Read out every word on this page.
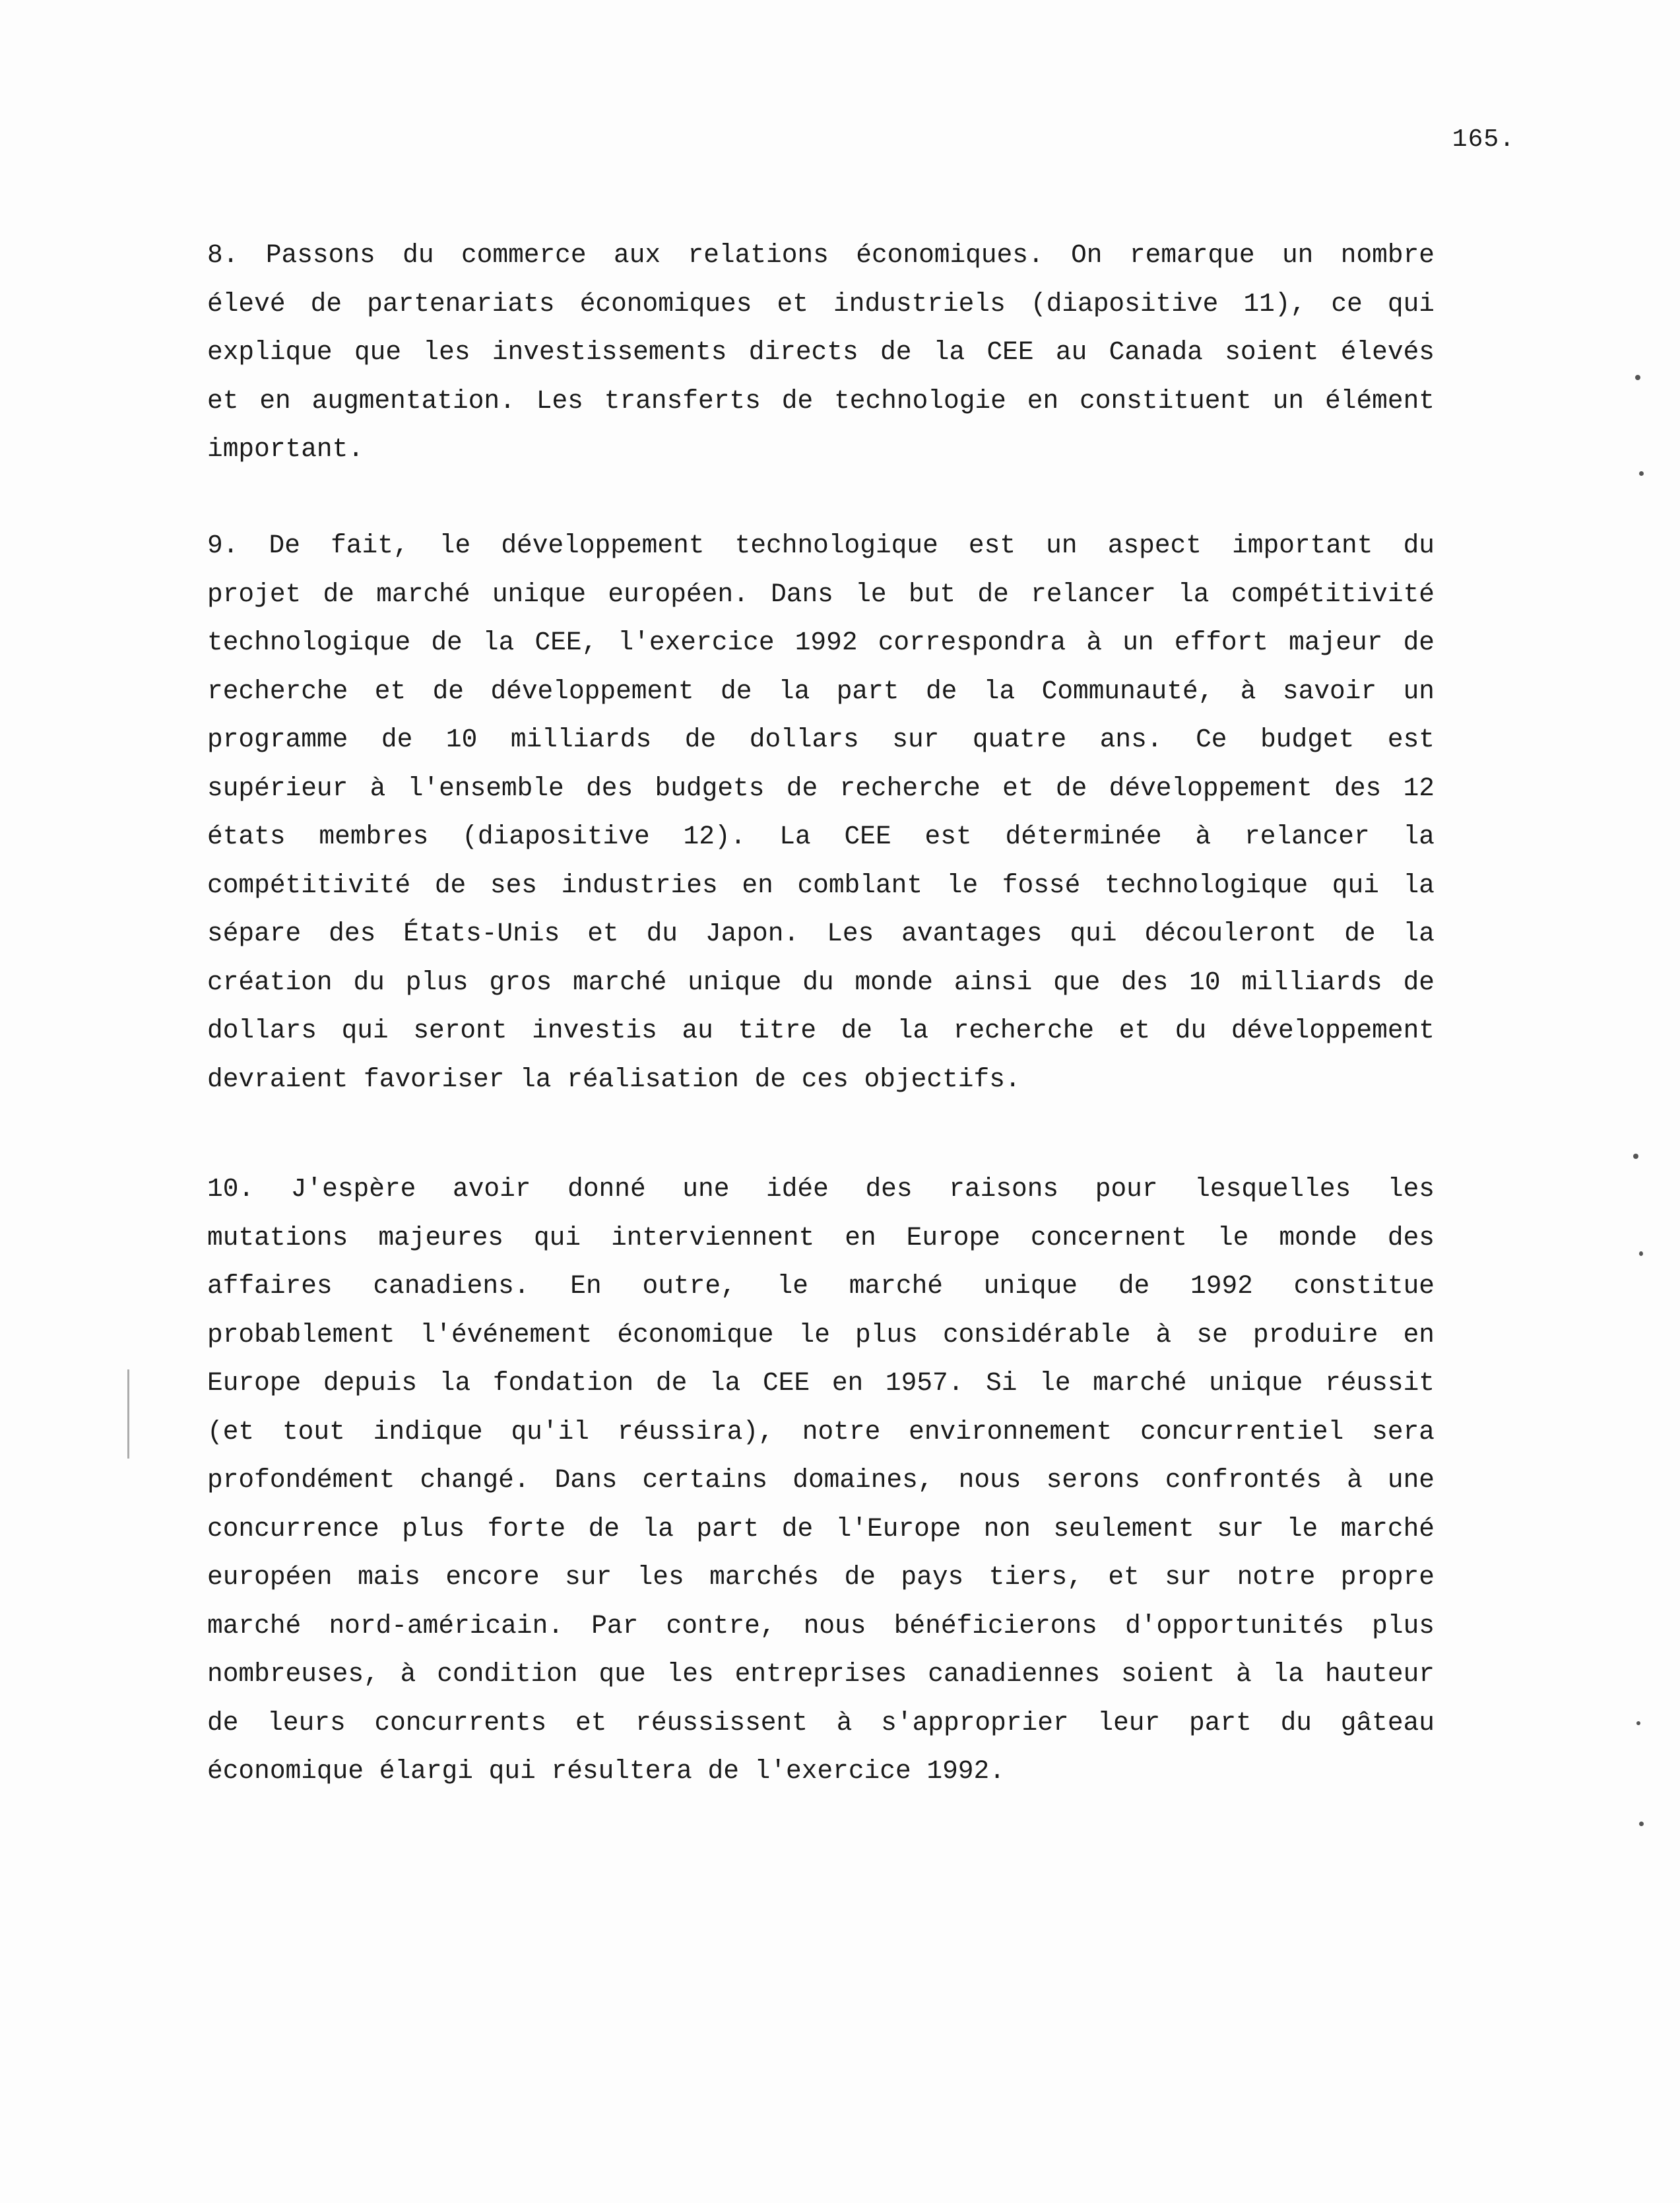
165.
8. Passons du commerce aux relations économiques. On remarque un nombre
élevé de partenariats économiques et industriels (diapositive 11), ce qui
explique que les investissements directs de la CEE au Canada soient élevés
et en augmentation. Les transferts de technologie en constituent un élément
important.
9. De fait, le développement technologique est un aspect important du
projet de marché unique européen. Dans le but de relancer la compétitivité
technologique de la CEE, l'exercice 1992 correspondra à un effort majeur de
recherche et de développement de la part de la Communauté, à savoir un
programme de 10 milliards de dollars sur quatre ans. Ce budget est
supérieur à l'ensemble des budgets de recherche et de développement des 12
états membres (diapositive 12). La CEE est déterminée à relancer la
compétitivité de ses industries en comblant le fossé technologique qui la
sépare des États-Unis et du Japon. Les avantages qui découleront de la
création du plus gros marché unique du monde ainsi que des 10 milliards de
dollars qui seront investis au titre de la recherche et du développement
devraient favoriser la réalisation de ces objectifs.
10. J'espère avoir donné une idée des raisons pour lesquelles les
mutations majeures qui interviennent en Europe concernent le monde des
affaires canadiens. En outre, le marché unique de 1992 constitue
probablement l'événement économique le plus considérable à se produire en
Europe depuis la fondation de la CEE en 1957. Si le marché unique réussit
(et tout indique qu'il réussira), notre environnement concurrentiel sera
profondément changé. Dans certains domaines, nous serons confrontés à une
concurrence plus forte de la part de l'Europe non seulement sur le marché
européen mais encore sur les marchés de pays tiers, et sur notre propre
marché nord-américain. Par contre, nous bénéficierons d'opportunités plus
nombreuses, à condition que les entreprises canadiennes soient à la hauteur
de leurs concurrents et réussissent à s'approprier leur part du gâteau
économique élargi qui résultera de l'exercice 1992.
